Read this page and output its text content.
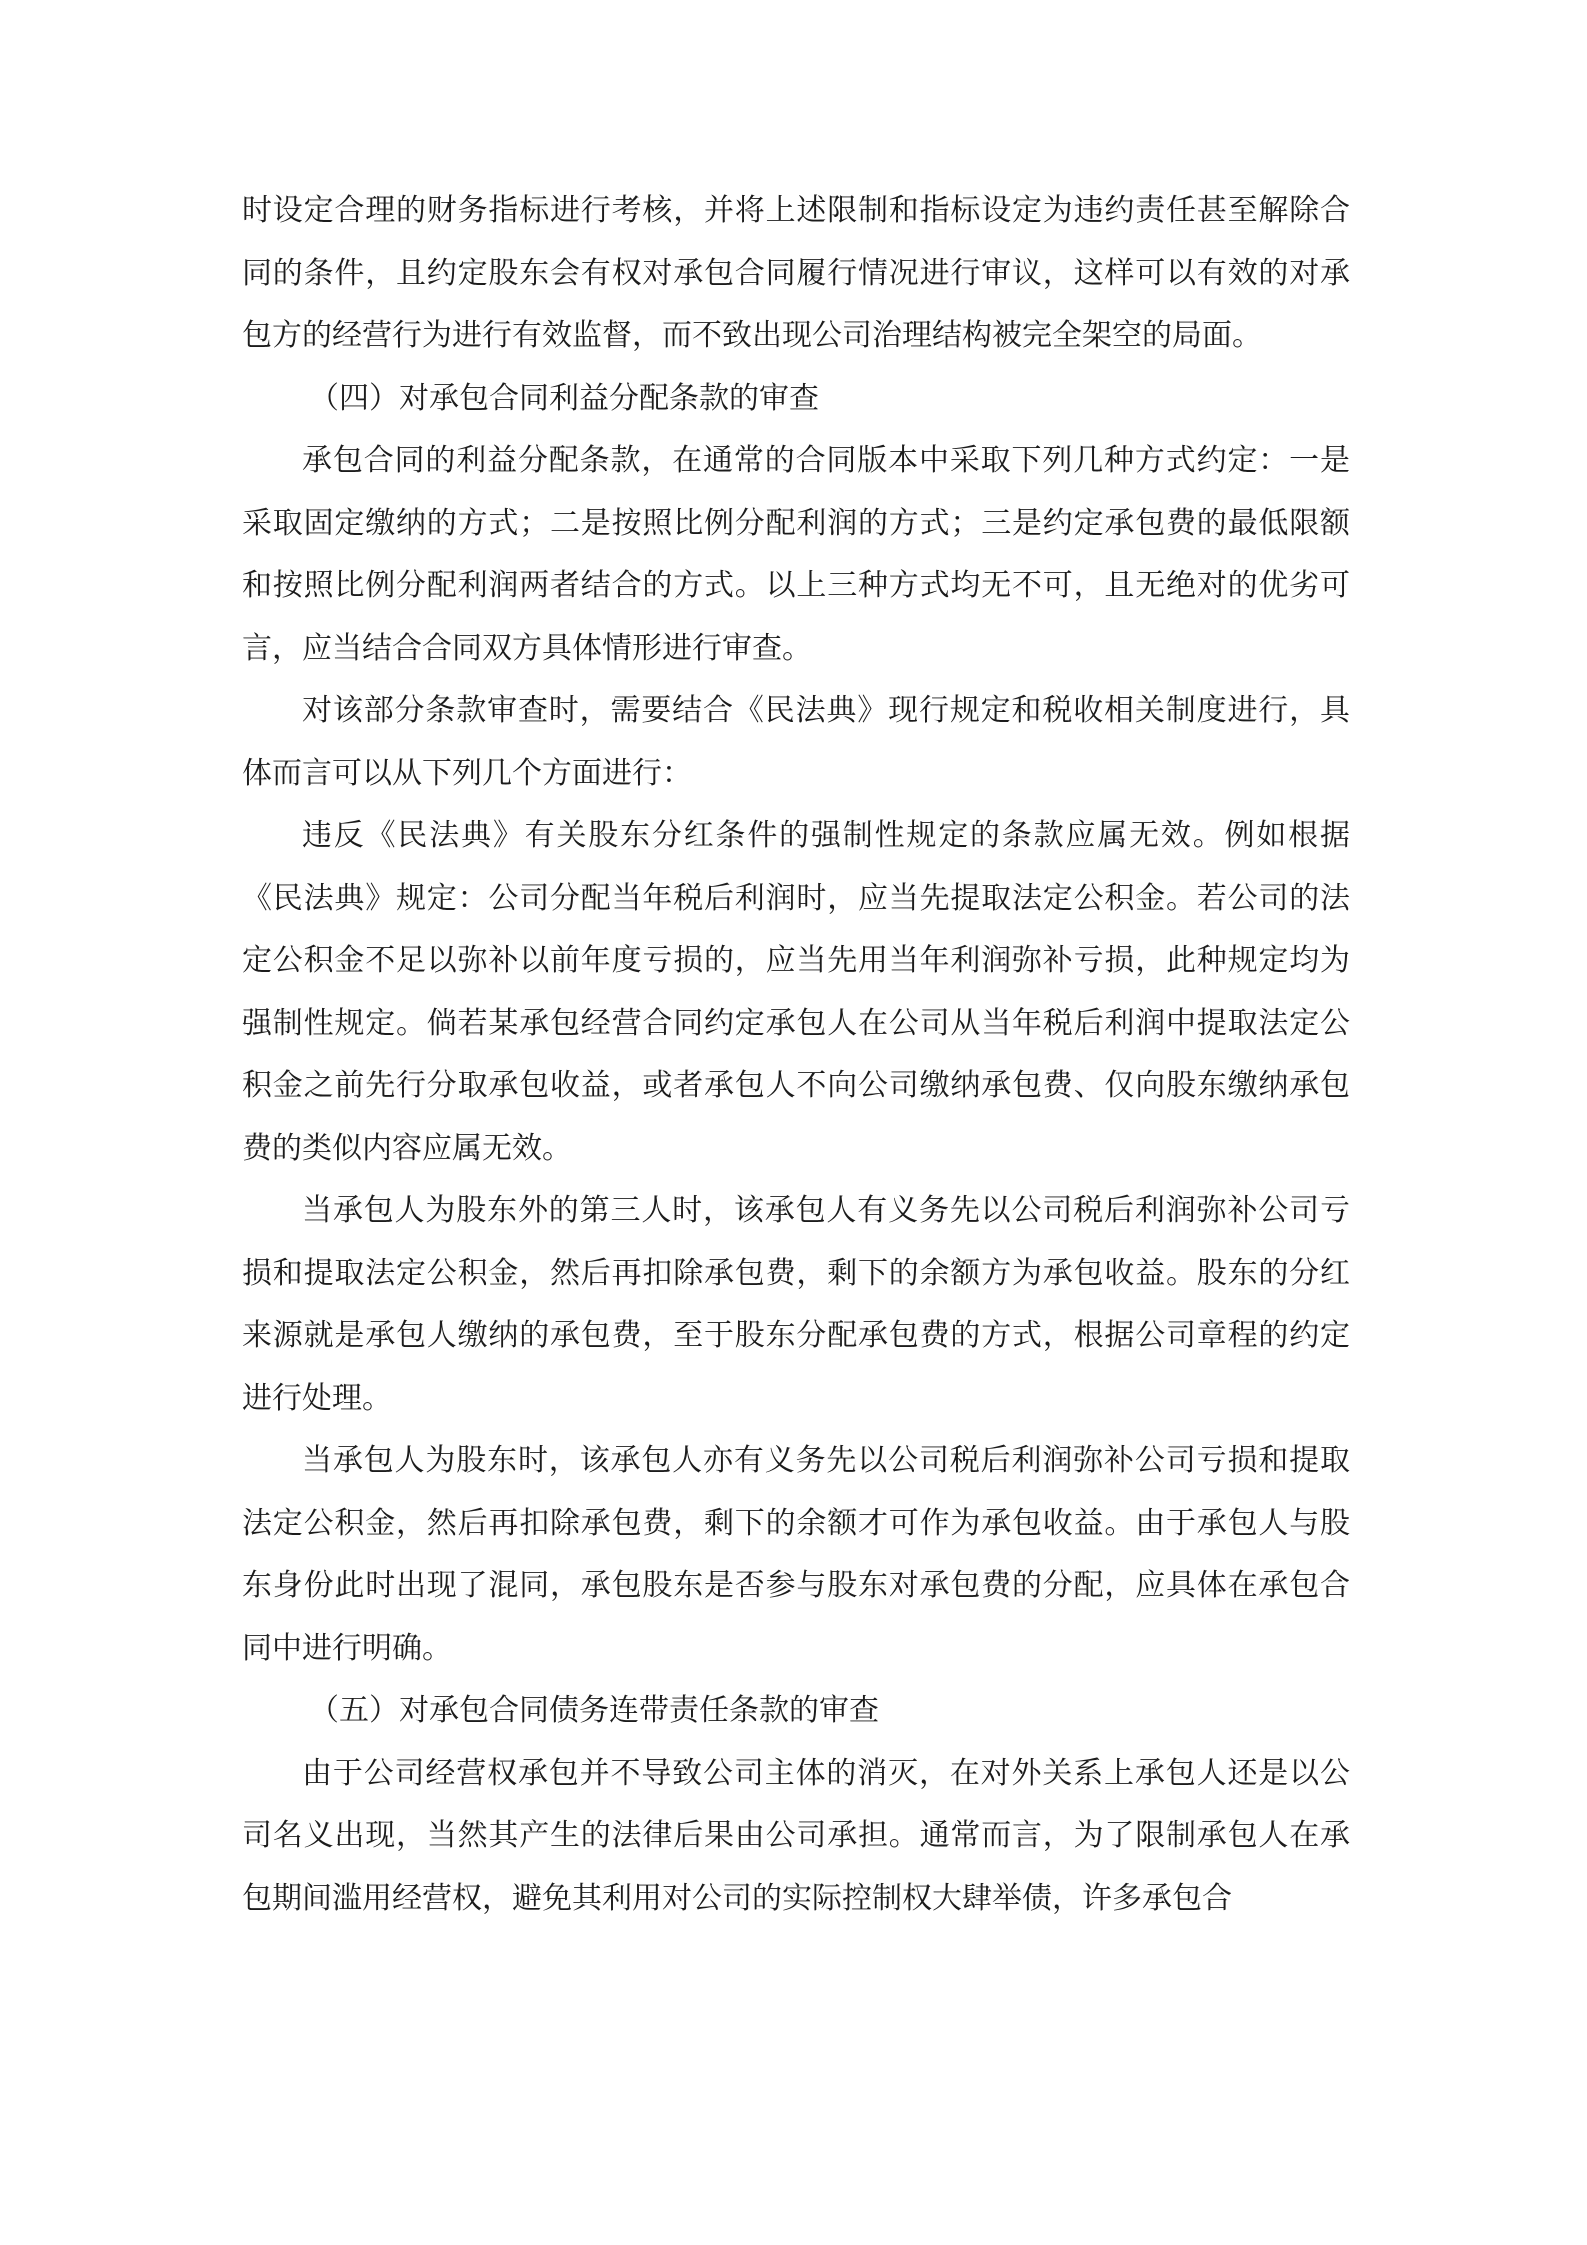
时设定合理的财务指标进行考核，并将上述限制和指标设定为违约责任甚至解除合同的条件，且约定股东会有权对承包合同履行情况进行审议，这样可以有效的对承包方的经营行为进行有效监督，而不致出现公司治理结构被完全架空的局面。

（四）对承包合同利益分配条款的审查

承包合同的利益分配条款，在通常的合同版本中采取下列几种方式约定：一是采取固定缴纳的方式；二是按照比例分配利润的方式；三是约定承包费的最低限额和按照比例分配利润两者结合的方式。以上三种方式均无不可，且无绝对的优劣可言，应当结合合同双方具体情形进行审查。

对该部分条款审查时，需要结合《民法典》现行规定和税收相关制度进行，具体而言可以从下列几个方面进行：

违反《民法典》有关股东分红条件的强制性规定的条款应属无效。例如根据《民法典》规定：公司分配当年税后利润时，应当先提取法定公积金。若公司的法定公积金不足以弥补以前年度亏损的，应当先用当年利润弥补亏损，此种规定均为强制性规定。倘若某承包经营合同约定承包人在公司从当年税后利润中提取法定公积金之前先行分取承包收益，或者承包人不向公司缴纳承包费、仅向股东缴纳承包费的类似内容应属无效。

当承包人为股东外的第三人时，该承包人有义务先以公司税后利润弥补公司亏损和提取法定公积金，然后再扣除承包费，剩下的余额方为承包收益。股东的分红来源就是承包人缴纳的承包费，至于股东分配承包费的方式，根据公司章程的约定进行处理。

当承包人为股东时，该承包人亦有义务先以公司税后利润弥补公司亏损和提取法定公积金，然后再扣除承包费，剩下的余额才可作为承包收益。由于承包人与股东身份此时出现了混同，承包股东是否参与股东对承包费的分配，应具体在承包合同中进行明确。

（五）对承包合同债务连带责任条款的审查

由于公司经营权承包并不导致公司主体的消灭，在对外关系上承包人还是以公司名义出现，当然其产生的法律后果由公司承担。通常而言，为了限制承包人在承包期间滥用经营权，避免其利用对公司的实际控制权大肆举债，许多承包合
